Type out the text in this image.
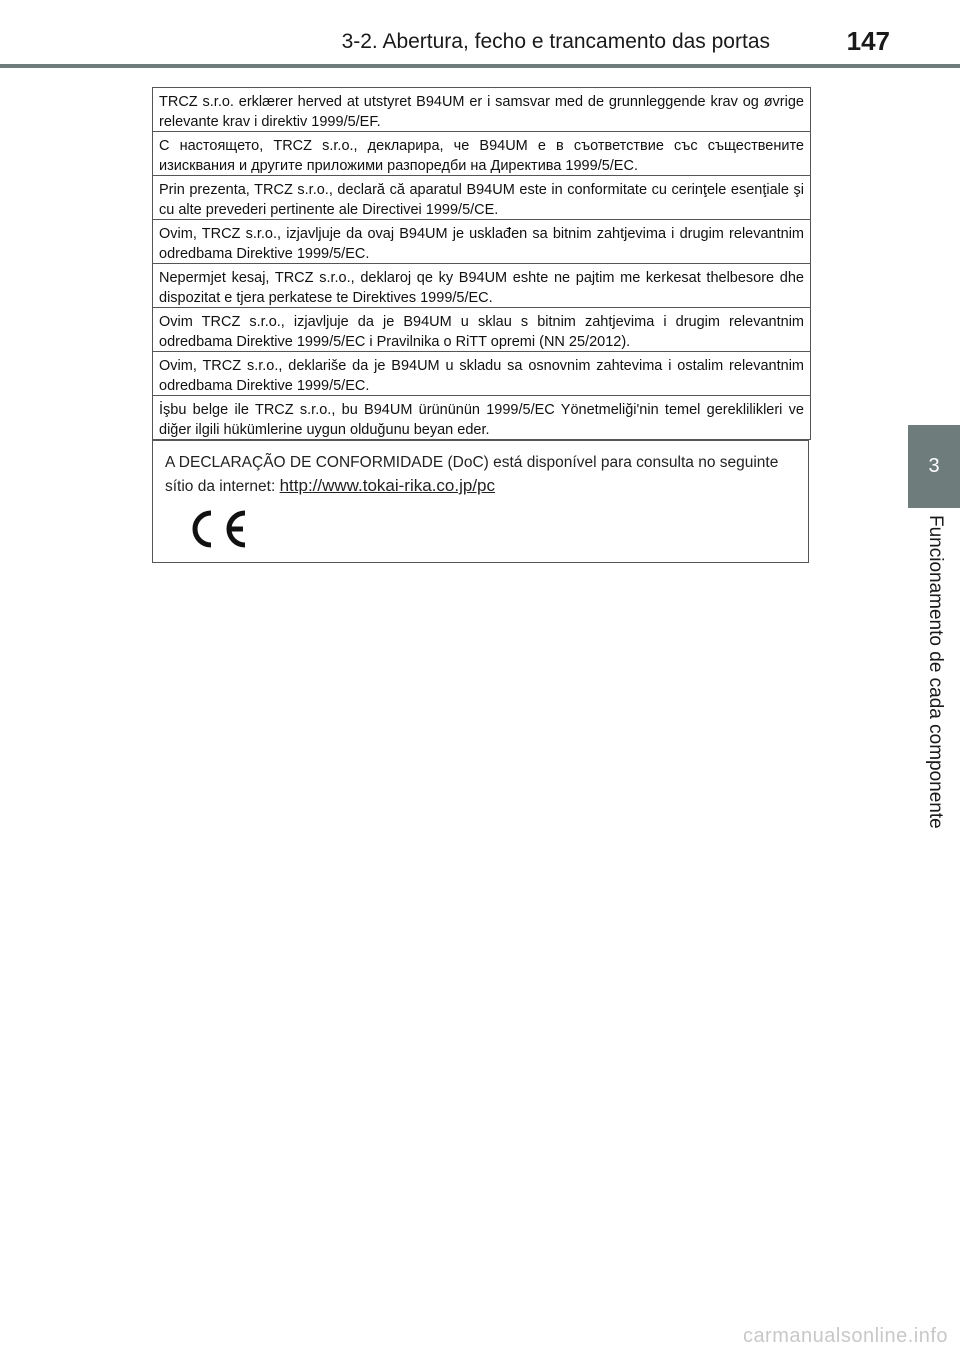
3-2. Abertura, fecho e trancamento das portas	147
3
Funcionamento de cada componente
TRCZ s.r.o. erklærer herved at utstyret B94UM er i samsvar med de grunnleggende krav og øvrige relevante krav i direktiv 1999/5/EF.
С настоящето, TRCZ s.r.o., декларира, че B94UM е в съответствие със съществените изисквания и другите приложими разпоредби на Директива 1999/5/ЕС.
Prin prezenta, TRCZ s.r.o., declară că aparatul B94UM este in conformitate cu cerinţele esenţiale şi cu alte prevederi pertinente ale Directivei 1999/5/CE.
Ovim, TRCZ s.r.o., izjavljuje da ovaj B94UM je usklađen sa bitnim zahtjevima i drugim relevantnim odredbama Direktive 1999/5/EC.
Nepermjet kesaj, TRCZ s.r.o., deklaroj qe ky B94UM eshte ne pajtim me kerkesat thelbesore dhe dispozitat e tjera perkatese te Direktives 1999/5/EC.
Ovim TRCZ s.r.o., izjavljuje da je B94UM u sklau s bitnim zahtjevima i drugim relevantnim odredbama Direktive 1999/5/EC i Pravilnika o RiTT opremi (NN 25/2012).
Ovim, TRCZ s.r.o., deklariše da je B94UM u skladu sa osnovnim zahtevima i ostalim relevantnim odredbama Direktive 1999/5/EC.
İşbu belge ile TRCZ s.r.o., bu B94UM ürününün 1999/5/EC Yönetmeliği'nin temel gereklilikleri ve diğer ilgili hükümlerine uygun olduğunu beyan eder.
A DECLARAÇÃO DE CONFORMIDADE (DoC) está disponível para consulta no seguinte sítio da internet: http://www.tokai-rika.co.jp/pc
carmanualsonline.info
